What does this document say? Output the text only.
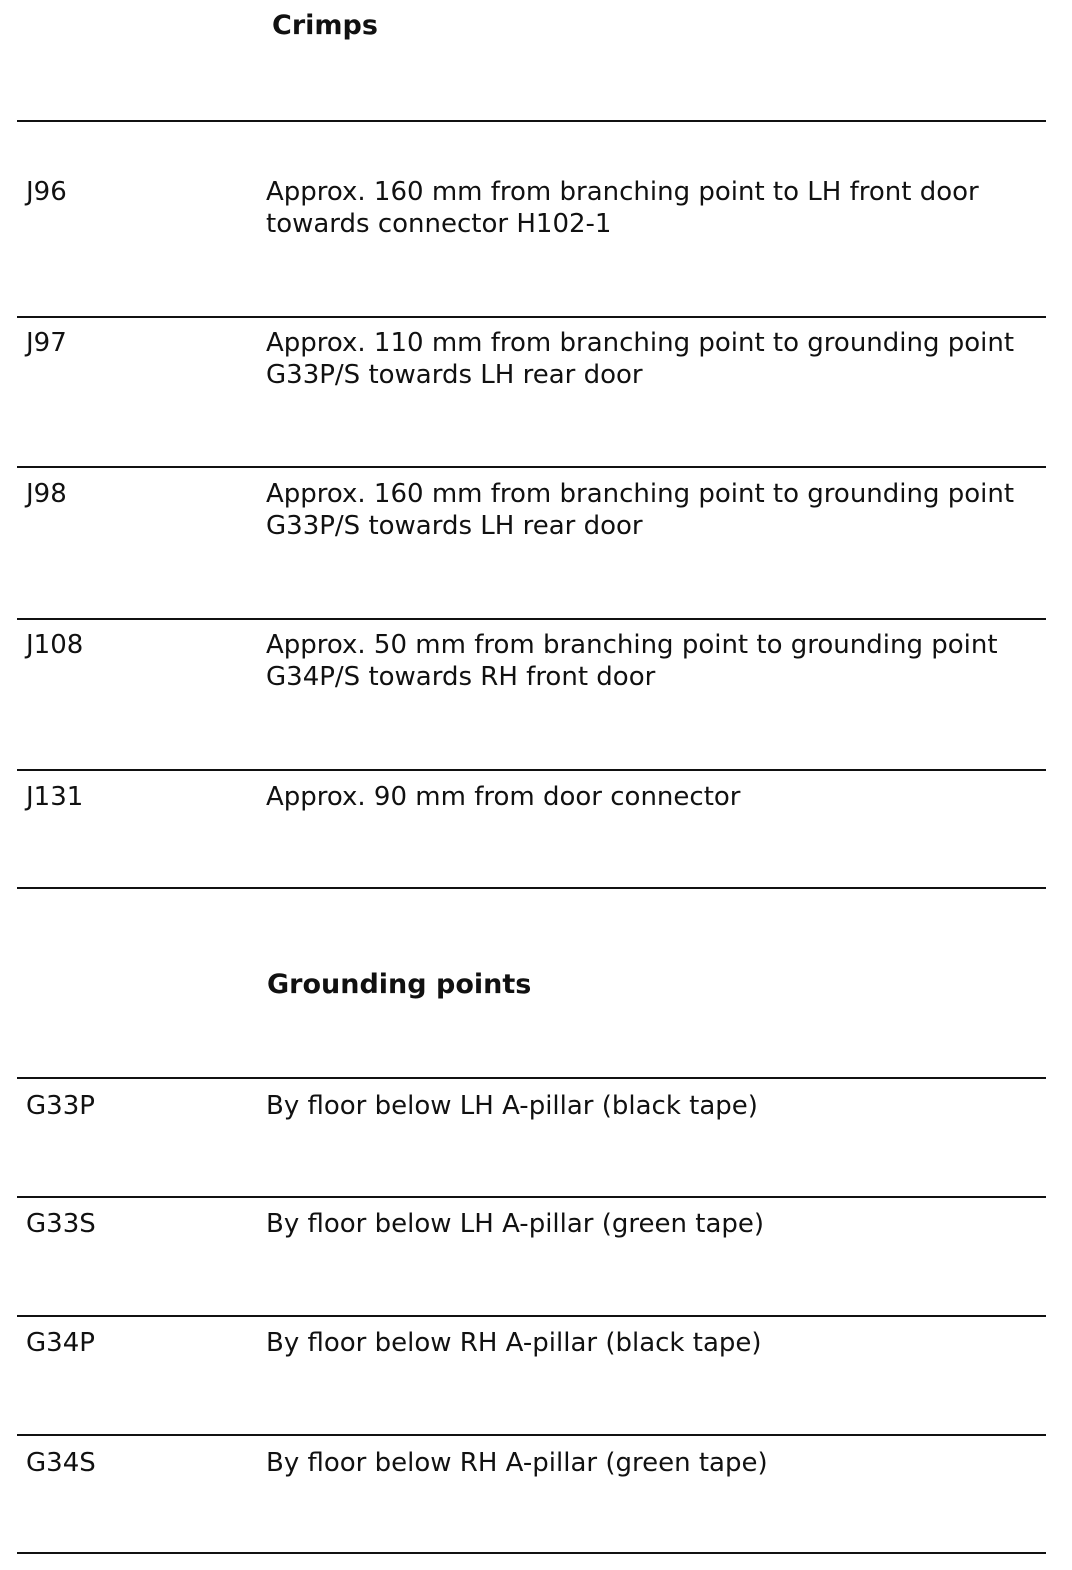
Crimps
J96	Approx. 160 mm from branching point to LH front door towards connector H102-1
J97	Approx. 110 mm from branching point to grounding point G33P/S towards LH rear door
J98	Approx. 160 mm from branching point to grounding point G33P/S towards LH rear door
J108	Approx. 50 mm from branching point to grounding point G34P/S towards RH front door
J131	Approx. 90 mm from door connector
Grounding points
G33P	By floor below LH A-pillar (black tape)
G33S	By floor below LH A-pillar (green tape)
G34P	By floor below RH A-pillar (black tape)
G34S	By floor below RH A-pillar (green tape)
